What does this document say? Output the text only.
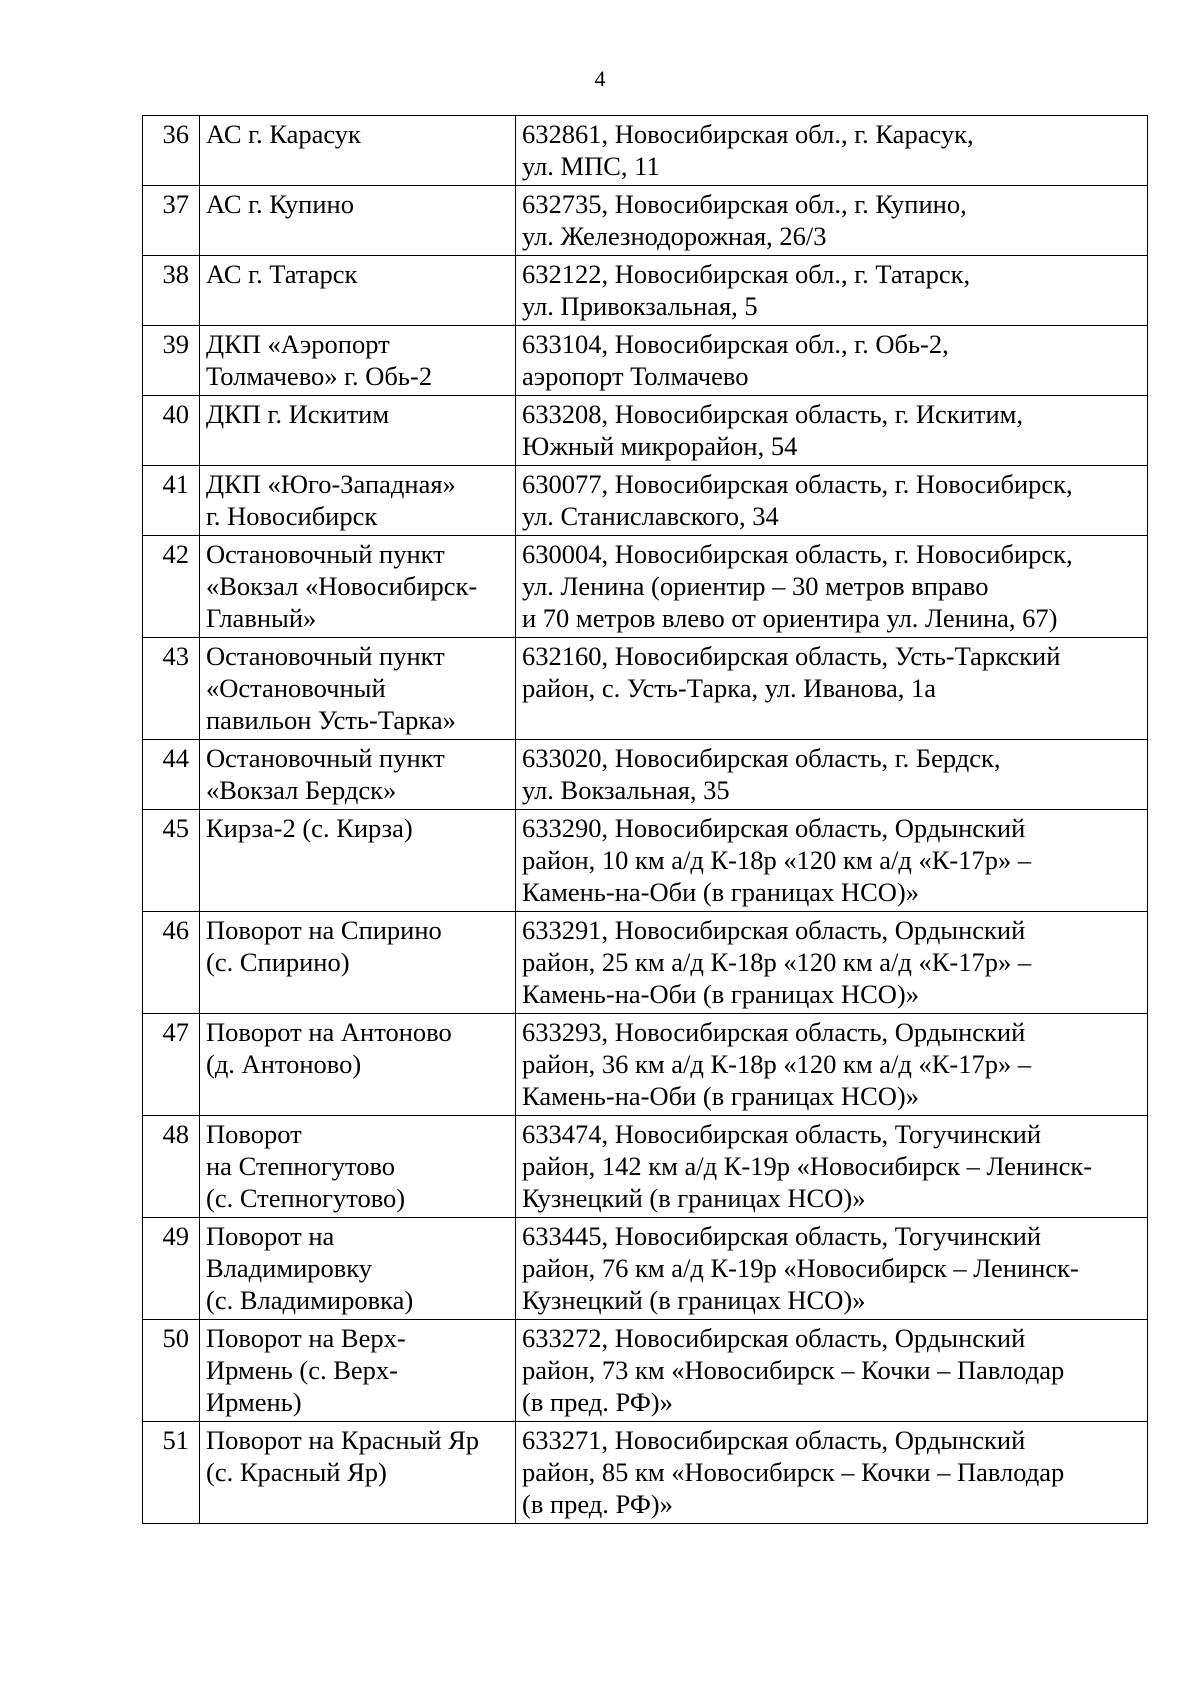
4
36	АС г. Карасук	632861, Новосибирская обл., г. Карасук,
ул. МПС, 11

37	АС г. Купино	632735, Новосибирская обл., г. Купино,
ул. Железнодорожная, 26/3

38	АС г. Татарск	632122, Новосибирская обл., г. Татарск,
ул. Привокзальная, 5

39	ДКП «Аэропорт
Толмачево» г. Обь-2	633104, Новосибирская обл., г. Обь-2,
аэропорт Толмачево

40	ДКП г. Искитим	633208, Новосибирская область, г. Искитим,
Южный микрорайон, 54

41	ДКП «Юго-Западная»
г. Новосибирск	630077, Новосибирская область, г. Новосибирск,
ул. Станиславского, 34

42	Остановочный пункт
«Вокзал «Новосибирск-
Главный»	630004, Новосибирская область, г. Новосибирск,
ул. Ленина (ориентир – 30 метров вправо
и 70 метров влево от ориентира ул. Ленина, 67)

43	Остановочный пункт
«Остановочный
павильон Усть-Тарка»	632160, Новосибирская область, Усть-Таркский
район, с. Усть-Тарка, ул. Иванова, 1а

44	Остановочный пункт
«Вокзал Бердск»	633020, Новосибирская область, г. Бердск,
ул. Вокзальная, 35

45	Кирза-2 (с. Кирза)	633290, Новосибирская область, Ордынский
район, 10 км а/д К-18р «120 км а/д «К-17р» –
Камень-на-Оби (в границах НСО)»

46	Поворот на Спирино
(с. Спирино)	633291, Новосибирская область, Ордынский
район, 25 км а/д К-18р «120 км а/д «К-17р» –
Камень-на-Оби (в границах НСО)»

47	Поворот на Антоново
(д. Антоново)	633293, Новосибирская область, Ордынский
район, 36 км а/д К-18р «120 км а/д «К-17р» –
Камень-на-Оби (в границах НСО)»

48	Поворот
на Степногутово
(с. Степногутово)	633474, Новосибирская область, Тогучинский
район, 142 км а/д К-19р «Новосибирск – Ленинск-
Кузнецкий (в границах НСО)»

49	Поворот на
Владимировку
(с. Владимировка)	633445, Новосибирская область, Тогучинский
район, 76 км а/д К-19р «Новосибирск – Ленинск-
Кузнецкий (в границах НСО)»

50	Поворот на Верх-
Ирмень (с. Верх-
Ирмень)	633272, Новосибирская область, Ордынский
район, 73 км «Новосибирск – Кочки – Павлодар
(в пред. РФ)»

51	Поворот на Красный Яр
(с. Красный Яр)	633271, Новосибирская область, Ордынский
район, 85 км «Новосибирск – Кочки – Павлодар
(в пред. РФ)»
